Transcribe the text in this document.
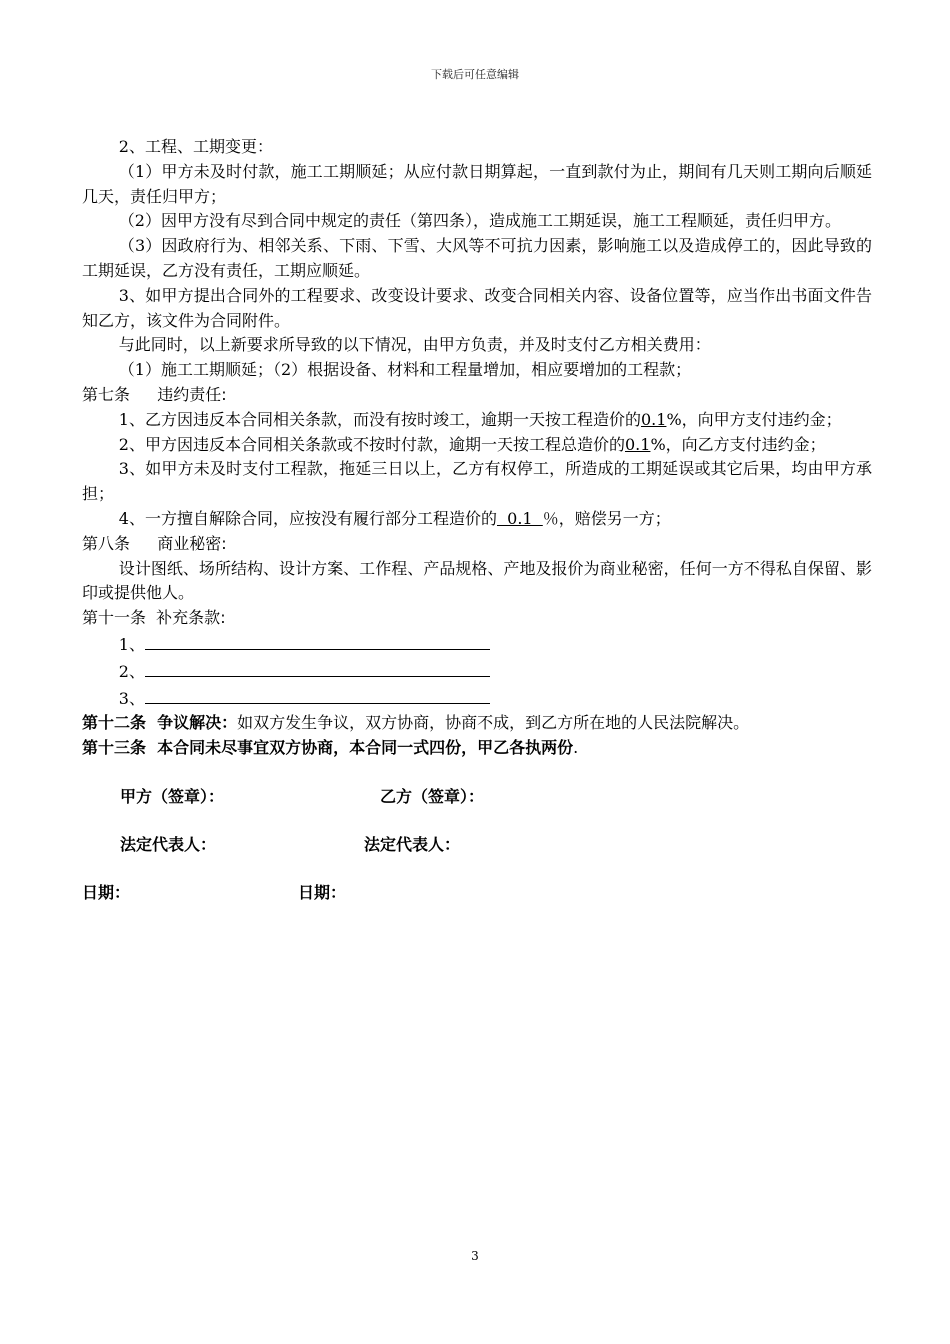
下载后可任意编辑

2、工程、工期变更：

（1）甲方未及时付款，施工工期顺延；从应付款日期算起，一直到款付为止，期间有几天则工期向后顺延几天，责任归甲方；

（2）因甲方没有尽到合同中规定的责任（第四条），造成施工工期延误，施工工程顺延，责任归甲方。

（3）因政府行为、相邻关系、下雨、下雪、大风等不可抗力因素，影响施工以及造成停工的，因此导致的工期延误，乙方没有责任，工期应顺延。

3、如甲方提出合同外的工程要求、改变设计要求、改变合同相关内容、设备位置等，应当作出书面文件告知乙方，该文件为合同附件。

与此同时，以上新要求所导致的以下情况，由甲方负责，并及时支付乙方相关费用：

（1）施工工期顺延；（2）根据设备、材料和工程量增加，相应要增加的工程款；

第七条 违约责任:

1、乙方因违反本合同相关条款，而没有按时竣工，逾期一天按工程造价的0.1%，向甲方支付违约金；

2、甲方因违反本合同相关条款或不按时付款，逾期一天按工程总造价的0.1%，向乙方支付违约金；

3、如甲方未及时支付工程款，拖延三日以上，乙方有权停工，所造成的工期延误或其它后果，均由甲方承担；

4、一方擅自解除合同，应按没有履行部分工程造价的  0.1  ％，赔偿另一方；

第八条 商业秘密:

设计图纸、场所结构、设计方案、工作程、产品规格、产地及报价为商业秘密，任何一方不得私自保留、影印或提供他人。

第十一条  补充条款:

1、

2、

3、

第十二条  争议解决：如双方发生争议，双方协商，协商不成，到乙方所在地的人民法院解决。

第十三条  本合同未尽事宜双方协商，本合同一式四份，甲乙各执两份.

甲方（签章）：	乙方（签章）：
法定代表人：	法定代表人：
日期：	日期：
3
